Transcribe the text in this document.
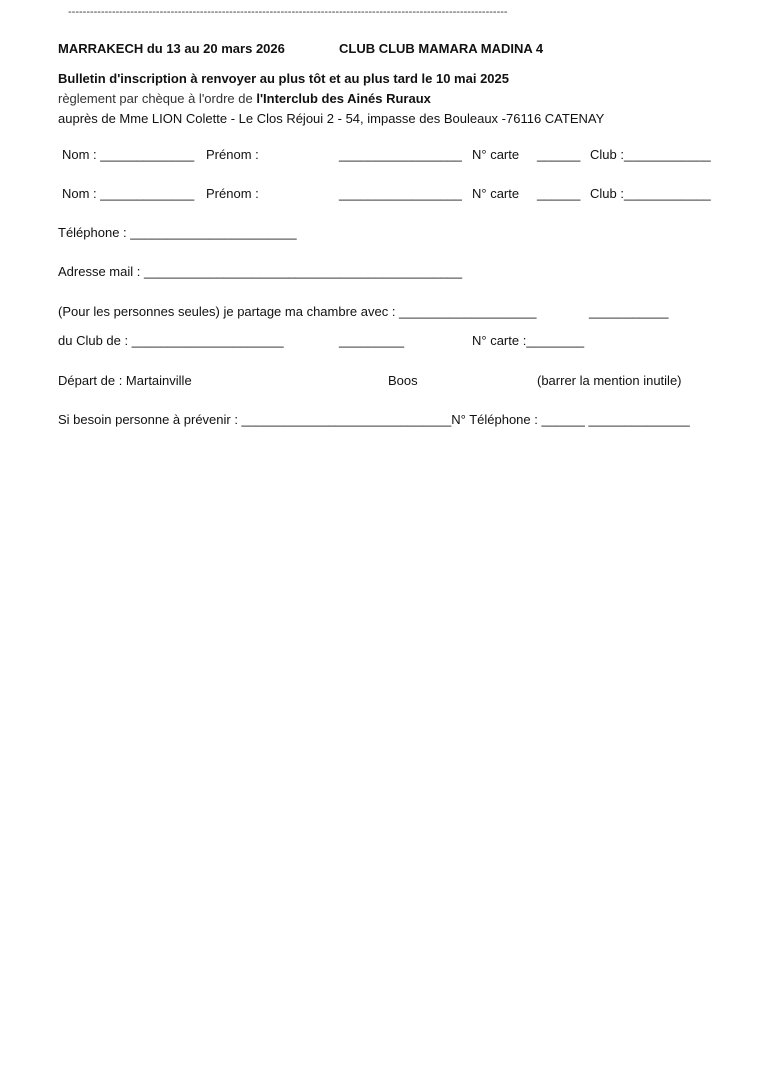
------------------------------------------------------------------------------------------------------------------------
MARRAKECH du 13 au 20 mars 2026	CLUB CLUB MAMARA MADINA 4
Bulletin d'inscription à renvoyer au plus tôt et au plus tard le 10 mai 2025
règlement par chèque à l'ordre de l'Interclub des Ainés Ruraux
auprès de Mme LION Colette - Le Clos Réjoui 2 - 54, impasse des Bouleaux -76116 CATENAY
Nom : _____________ Prénom :	_________________ N° carte ______ Club :____________
Nom : _____________ Prénom :	_________________ N° carte ______ Club :____________
Téléphone : _______________________
Adresse mail : ____________________________________________
(Pour les personnes seules) je partage ma chambre avec : ___________________	___________
du Club de : _____________________	_________	N° carte :________
Départ de : Martainville	Boos	(barrer la mention inutile)
Si besoin personne à prévenir : _____________________________N° Téléphone : ______ ______________
